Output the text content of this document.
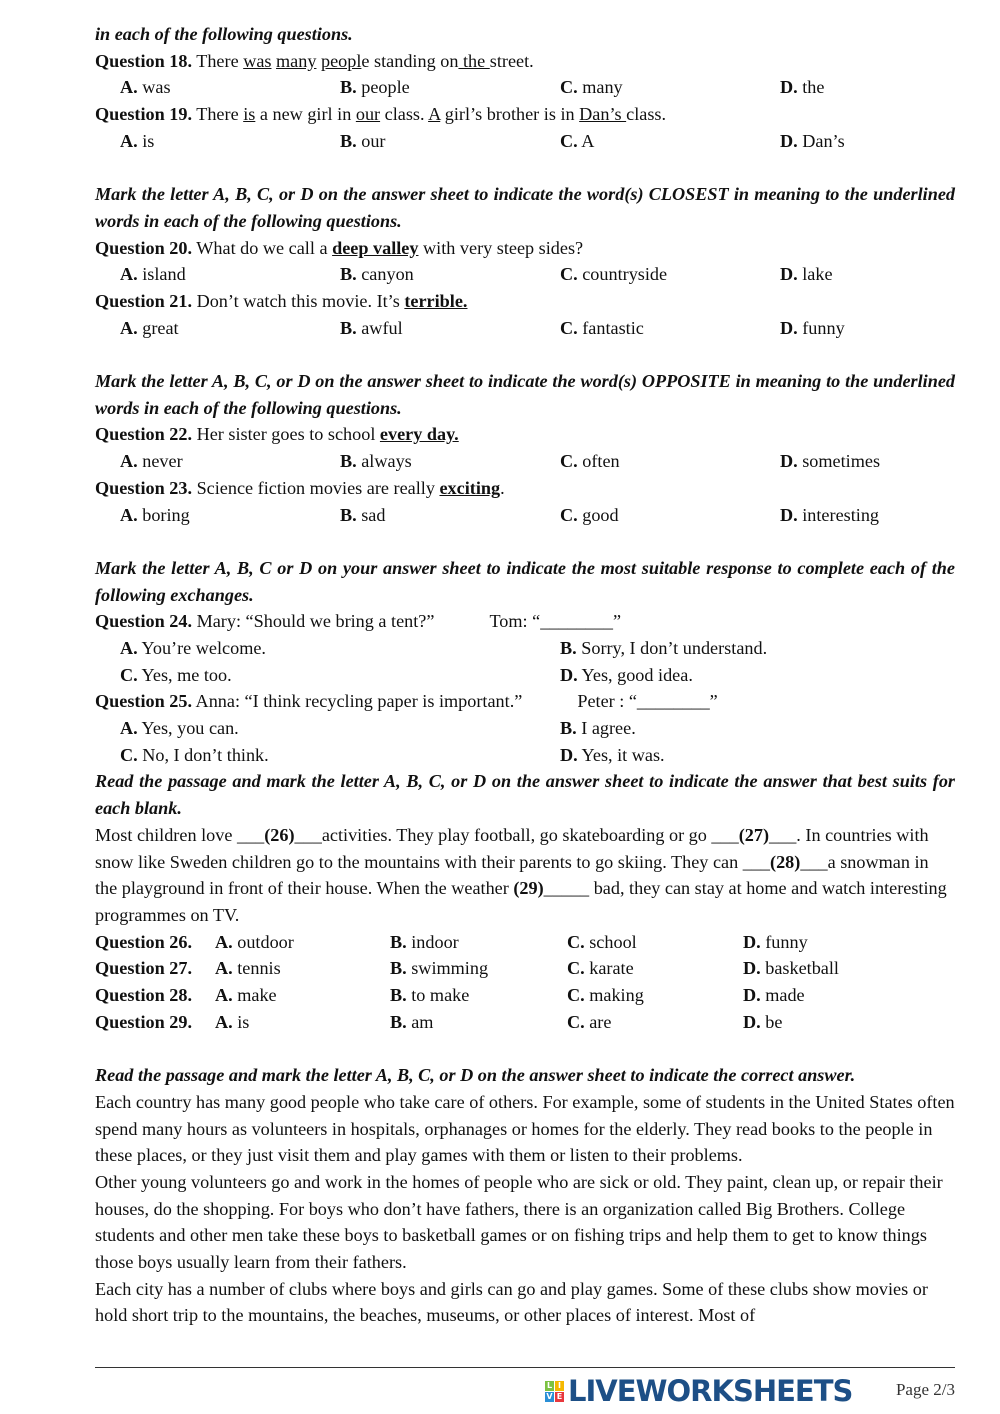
in each of the following questions.
Question 18. There was many people standing on the street.
A. was	B. people	C. many	D. the
Question 19. There is a new girl in our class. A girl’s brother is in Dan’s class.
A. is	B. our	C. A	D. Dan’s
Mark the letter A, B, C, or D on the answer sheet to indicate the word(s) CLOSEST in meaning to the underlined words in each of the following questions.
Question 20. What do we call a deep valley with very steep sides?
A. island	B. canyon	C. countryside	D. lake
Question 21. Don’t watch this movie. It’s terrible.
A. great	B. awful	C. fantastic	D. funny
Mark the letter A, B, C, or D on the answer sheet to indicate the word(s) OPPOSITE in meaning to the underlined words in each of the following questions.
Question 22. Her sister goes to school every day.
A. never	B. always	C. often	D. sometimes
Question 23. Science fiction movies are really exciting.
A. boring	B. sad	C. good	D. interesting
Mark the letter A, B, C or D on your answer sheet to indicate the most suitable response to complete each of the following exchanges.
Question 24. Mary: “Should we bring a tent?”	Tom: “________”
A. You’re welcome.	B. Sorry, I don’t understand.
C. Yes, me too.	D. Yes, good idea.
Question 25. Anna: “I think recycling paper is important.”	Peter : “________”
A. Yes, you can.	B. I agree.
C. No, I don’t think.	D. Yes, it was.
Read the passage and mark the letter A, B, C, or D on the answer sheet to indicate the answer that best suits for each blank.
Most children love ___(26)___activities. They play football, go skateboarding or go ___(27)___. In countries with snow like Sweden children go to the mountains with their parents to go skiing. They can ___(28)___a snowman in the playground in front of their house. When the weather (29)_____ bad, they can stay at home and watch interesting programmes on TV.
Question 26. A. outdoor	B. indoor	C. school	D. funny
Question 27. A. tennis	B. swimming	C. karate	D. basketball
Question 28. A. make	B. to make	C. making	D. made
Question 29. A. is	B. am	C. are	D. be
Read the passage and mark the letter A, B, C, or D on the answer sheet to indicate the correct answer.
Each country has many good people who take care of others. For example, some of students in the United States often spend many hours as volunteers in hospitals, orphanages or homes for the elderly. They read books to the people in these places, or they just visit them and play games with them or listen to their problems.
Other young volunteers go and work in the homes of people who are sick or old. They paint, clean up, or repair their houses, do the shopping. For boys who don’t have fathers, there is an organization called Big Brothers. College students and other men take these boys to basketball games or on fishing trips and help them to get to know things those boys usually learn from their fathers.
Each city has a number of clubs where boys and girls can go and play games. Some of these clubs show movies or hold short trip to the mountains, the beaches, museums, or other places of interest. Most of
L I
V E LIVEWORKSHEETS	Page 2/3
